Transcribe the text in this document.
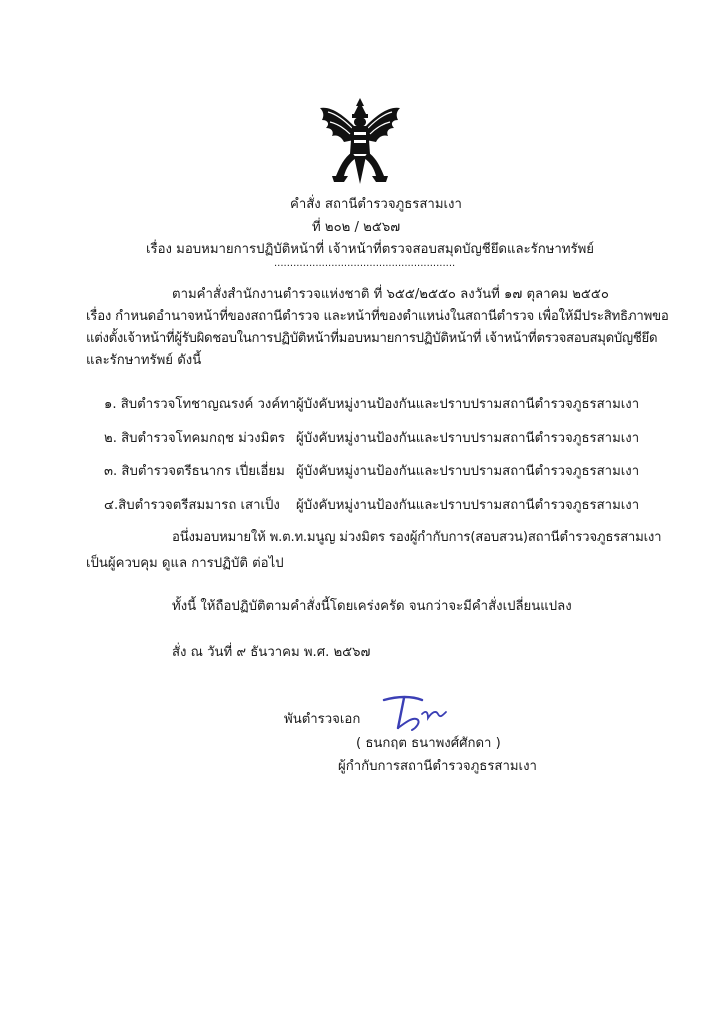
คำสั่ง สถานีตำรวจภูธรสามเงา
ที่ ๒๐๒ / ๒๕๖๗
เรื่อง มอบหมายการปฏิบัติหน้าที่ เจ้าหน้าที่ตรวจสอบสมุดบัญชียึดและรักษาทรัพย์
.........................................................
ตามคำสั่งสำนักงานตำรวจแห่งชาติ ที่ ๖๕๕/๒๕๕๐ ลงวันที่ ๑๗ ตุลาคม ๒๕๕๐
เรื่อง กำหนดอำนาจหน้าที่ของสถานีตำรวจ และหน้าที่ของตำแหน่งในสถานีตำรวจ เพื่อให้มีประสิทธิภาพขอ
แต่งตั้งเจ้าหน้าที่ผู้รับผิดชอบในการปฏิบัติหน้าที่มอบหมายการปฏิบัติหน้าที่ เจ้าหน้าที่ตรวจสอบสมุดบัญชียึด
และรักษาทรัพย์ ดังนี้
๑. สิบตำรวจโทชาญณรงค์ วงค์ทา ผู้บังคับหมู่งานป้องกันและปราบปรามสถานีตำรวจภูธรสามเงา
๒. สิบตำรวจโทคมกฤช ม่วงมิตร ผู้บังคับหมู่งานป้องกันและปราบปรามสถานีตำรวจภูธรสามเงา
๓. สิบตำรวจตรีธนากร เปี่ยเอี่ยม ผู้บังคับหมู่งานป้องกันและปราบปรามสถานีตำรวจภูธรสามเงา
๔.สิบตำรวจตรีสมมารถ เสาเป็ง ผู้บังคับหมู่งานป้องกันและปราบปรามสถานีตำรวจภูธรสามเงา
อนึ่งมอบหมายให้ พ.ต.ท.มนูญ ม่วงมิตร รองผู้กำกับการ(สอบสวน)สถานีตำรวจภูธรสามเงา
เป็นผู้ควบคุม ดูแล การปฏิบัติ ต่อไป
ทั้งนี้ ให้ถือปฏิบัติตามคำสั่งนี้โดยเคร่งครัด จนกว่าจะมีคำสั่งเปลี่ยนแปลง
สั่ง ณ วันที่ ๙ ธันวาคม พ.ศ. ๒๕๖๗
พันตำรวจเอก
( ธนกฤต ธนาพงศ์ศักดา )
ผู้กำกับการสถานีตำรวจภูธรสามเงา
